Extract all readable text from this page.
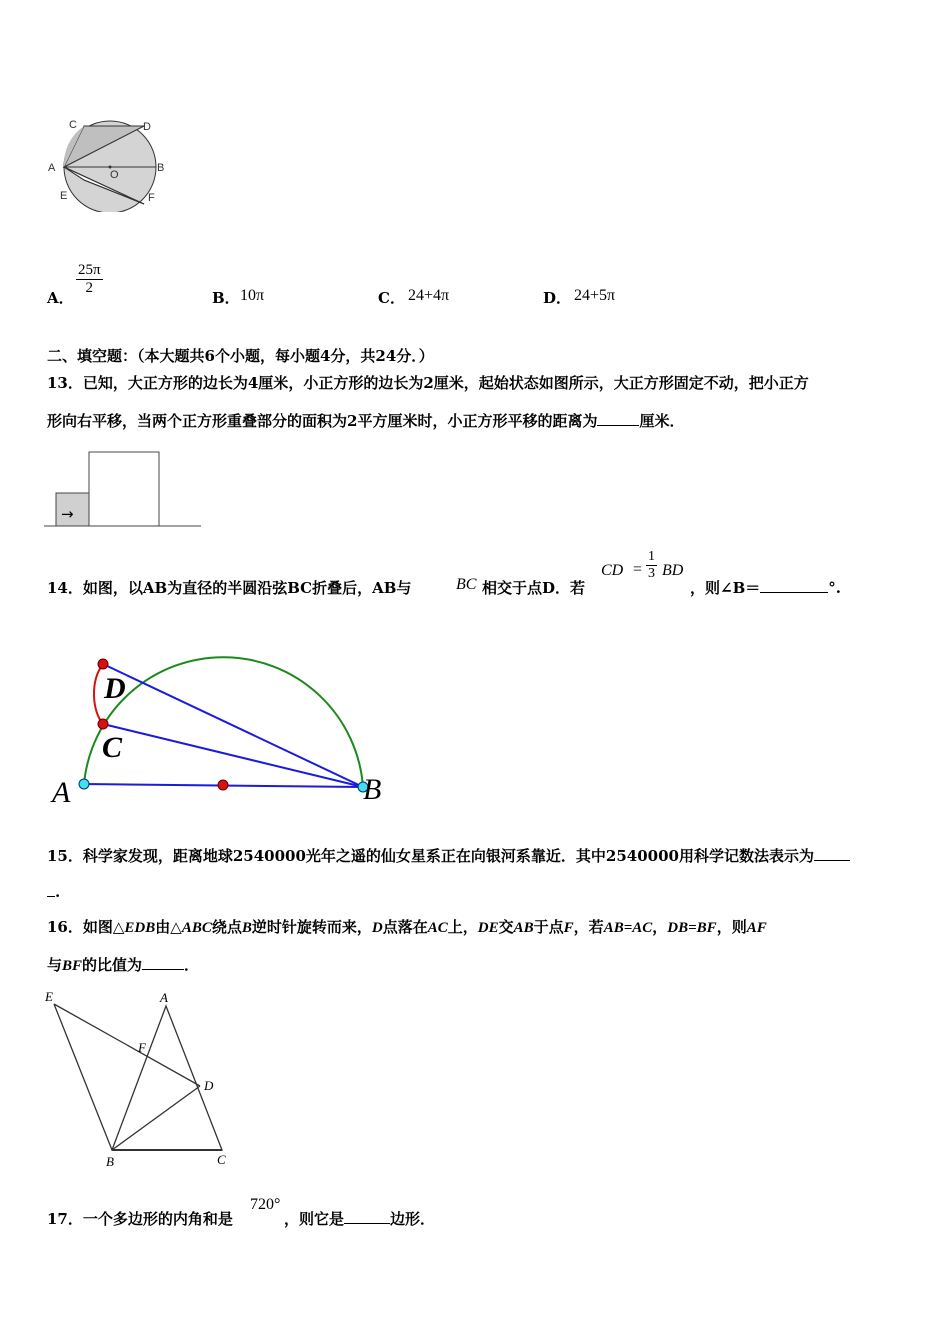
C	D
A	B
O
E	F
A．
$\frac{25\pi}{2}$
B． 10π	C． 24+4π	D． 24+5π
二、填空题：（本大题共6个小题，每小题4分，共24分．）
13．已知，大正方形的边长为4厘米，小正方形的边长为2厘米，起始状态如图所示，大正方形固定不动，把小正方
形向右平移，当两个正方形重叠部分的面积为2平方厘米时，小正方形平移的距离为	厘米．
→
14．如图，以AB为直径的半圆沿弦BC折叠后，AB与	BC 相交于点D．若
CD = $\frac{1}{3}$ BD
，则∠B＝	°.
D
C
A	B
15．科学家发现，距离地球2540000光年之遥的仙女星系正在向银河系靠近．其中2540000用科学记数法表示为
.
16．如图△EDB由△ABC绕点B逆时针旋转而来，D点落在AC上，DE交AB于点F，若AB=AC，DB=BF，则AF
与BF的比值为	．
E	A
F
D
B	C
17．一个多边形的内角和是
720°
，则它是	边形．
